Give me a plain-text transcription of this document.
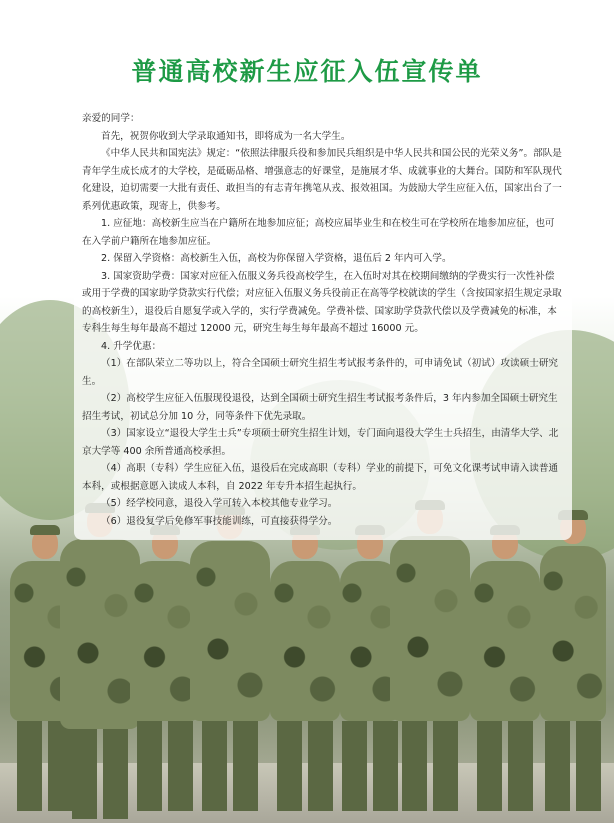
普通高校新生应征入伍宣传单

亲爱的同学：

首先，祝贺你收到大学录取通知书，即将成为一名大学生。

《中华人民共和国宪法》规定：“依照法律服兵役和参加民兵组织是中华人民共和国公民的光荣义务”。部队是青年学生成长成才的大学校，是砥砺品格、增强意志的好课堂，是施展才华、成就事业的大舞台。国防和军队现代化建设，迫切需要一大批有责任、敢担当的有志青年携笔从戎、报效祖国。为鼓励大学生应征入伍，国家出台了一系列优惠政策，现寄上，供参考。

1. 应征地：高校新生应当在户籍所在地参加应征；高校应届毕业生和在校生可在学校所在地参加应征，也可在入学前户籍所在地参加应征。

2. 保留入学资格：高校新生入伍，高校为你保留入学资格，退伍后 2 年内可入学。

3. 国家资助学费：国家对应征入伍服义务兵役高校学生，在入伍时对其在校期间缴纳的学费实行一次性补偿或用于学费的国家助学贷款实行代偿；对应征入伍服义务兵役前正在高等学校就读的学生（含按国家招生规定录取的高校新生），退役后自愿复学或入学的，实行学费减免。学费补偿、国家助学贷款代偿以及学费减免的标准，本专科生每生每年最高不超过 12000 元，研究生每生每年最高不超过 16000 元。

4. 升学优惠：

（1）在部队荣立二等功以上，符合全国硕士研究生招生考试报考条件的，可申请免试（初试）攻读硕士研究生。

（2）高校学生应征入伍服现役退役，达到全国硕士研究生招生考试报考条件后，3 年内参加全国硕士研究生招生考试，初试总分加 10 分，同等条件下优先录取。

（3）国家设立“退役大学生士兵”专项硕士研究生招生计划，专门面向退役大学生士兵招生，由清华大学、北京大学等 400 余所普通高校承担。

（4）高职（专科）学生应征入伍，退役后在完成高职（专科）学业的前提下，可免文化课考试申请入读普通本科，或根据意愿入读成人本科，自 2022 年专升本招生起执行。

（5）经学校同意，退役入学可转入本校其他专业学习。

（6）退役复学后免修军事技能训练，可直接获得学分。
